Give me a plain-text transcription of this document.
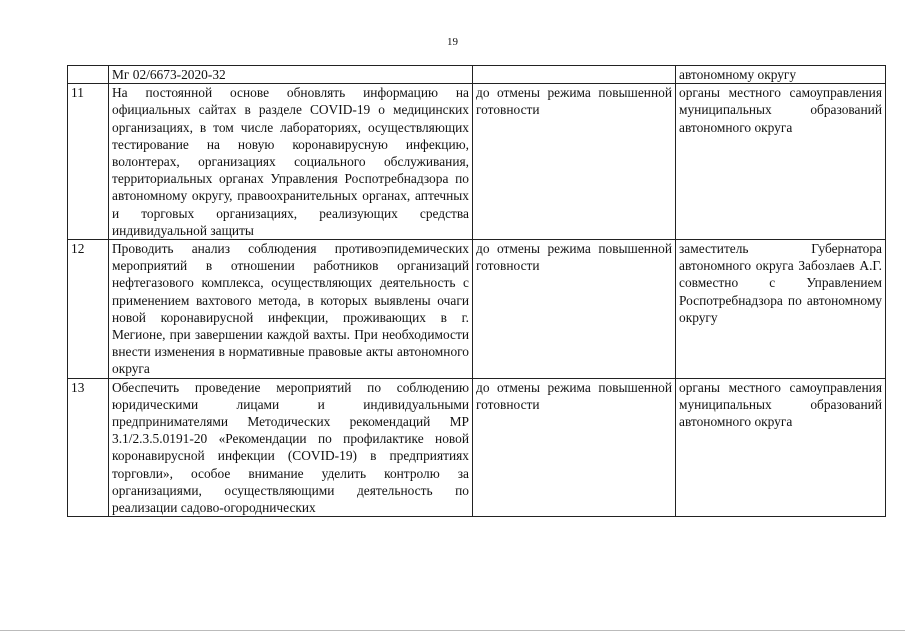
19
	Мг 02/6673-2020-32		автономному округу
11	На постоянной основе обновлять информацию на официальных сайтах в разделе COVID-19 о медицинских организациях, в том числе лабораториях, осуществляющих тестирование на новую коронавирусную инфекцию, волонтерах, организациях социального обслуживания, территориальных органах Управления Роспотребнадзора по автономному округу, правоохранительных органах, аптечных и торговых организациях, реализующих средства индивидуальной защиты	до отмены режима повышенной готовности	органы местного самоуправления муниципальных образований автономного округа
12	Проводить анализ соблюдения противоэпидемических мероприятий в отношении работников организаций нефтегазового комплекса, осуществляющих деятельность с применением вахтового метода, в которых выявлены очаги новой коронавирусной инфекции, проживающих в г. Мегионе, при завершении каждой вахты. При необходимости внести изменения в нормативные правовые акты автономного округа	до отмены режима повышенной готовности	заместитель Губернатора автономного округа Забозлаев А.Г. совместно с Управлением Роспотребнадзора по автономному округу
13	Обеспечить проведение мероприятий по соблюдению юридическими лицами и индивидуальными предпринимателями Методических рекомендаций МР 3.1/2.3.5.0191-20 «Рекомендации по профилактике новой коронавирусной инфекции (COVID-19) в предприятиях торговли», особое внимание уделить контролю за организациями, осуществляющими деятельность по реализации садово-огороднических	до отмены режима повышенной готовности	органы местного самоуправления муниципальных образований автономного округа
